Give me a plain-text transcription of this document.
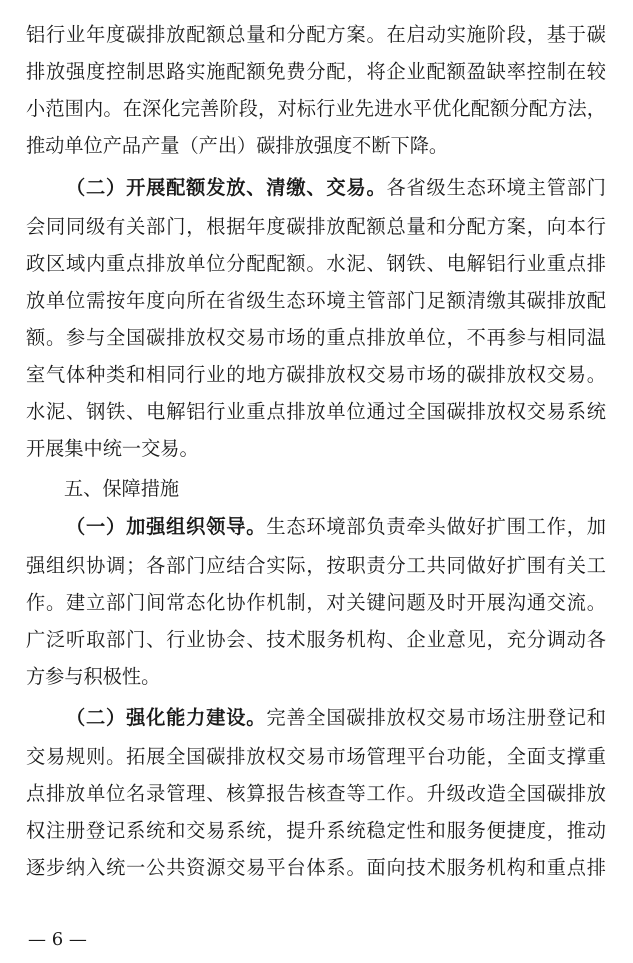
铝行业年度碳排放配额总量和分配方案。在启动实施阶段，基于碳
排放强度控制思路实施配额免费分配，将企业配额盈缺率控制在较
小范围内。在深化完善阶段，对标行业先进水平优化配额分配方法，
推动单位产品产量（产出）碳排放强度不断下降。
（二）开展配额发放、清缴、交易。各省级生态环境主管部门
会同同级有关部门，根据年度碳排放配额总量和分配方案，向本行
政区域内重点排放单位分配配额。水泥、钢铁、电解铝行业重点排
放单位需按年度向所在省级生态环境主管部门足额清缴其碳排放配
额。参与全国碳排放权交易市场的重点排放单位，不再参与相同温
室气体种类和相同行业的地方碳排放权交易市场的碳排放权交易。
水泥、钢铁、电解铝行业重点排放单位通过全国碳排放权交易系统
开展集中统一交易。
五、保障措施
（一）加强组织领导。生态环境部负责牵头做好扩围工作，加
强组织协调；各部门应结合实际，按职责分工共同做好扩围有关工
作。建立部门间常态化协作机制，对关键问题及时开展沟通交流。
广泛听取部门、行业协会、技术服务机构、企业意见，充分调动各
方参与积极性。
（二）强化能力建设。完善全国碳排放权交易市场注册登记和
交易规则。拓展全国碳排放权交易市场管理平台功能，全面支撑重
点排放单位名录管理、核算报告核查等工作。升级改造全国碳排放
权注册登记系统和交易系统，提升系统稳定性和服务便捷度，推动
逐步纳入统一公共资源交易平台体系。面向技术服务机构和重点排
— 6 —
